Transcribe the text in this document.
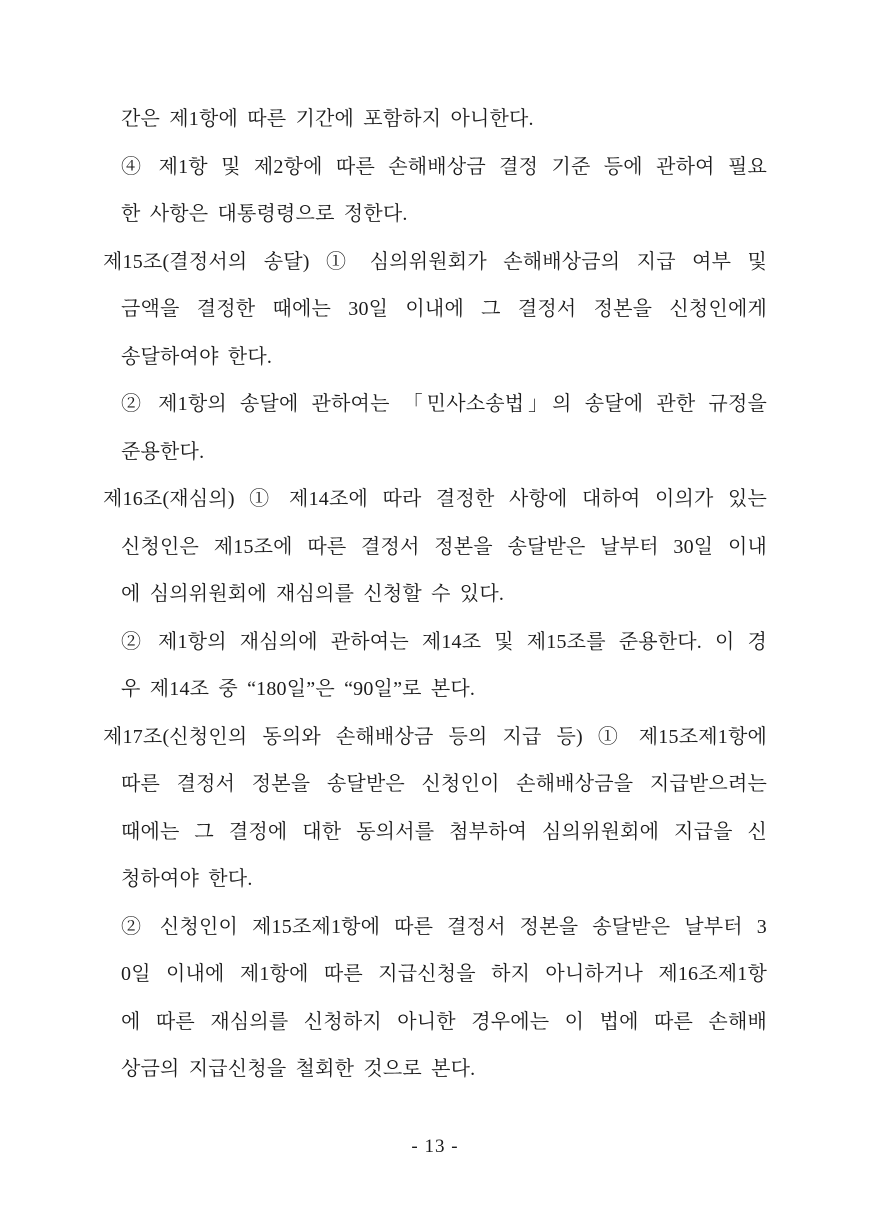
간은 제1항에 따른 기간에 포함하지 아니한다.
④ 제1항 및 제2항에 따른 손해배상금 결정 기준 등에 관하여 필요
한 사항은 대통령령으로 정한다.
제15조(결정서의 송달) ① 심의위원회가 손해배상금의 지급 여부 및
금액을 결정한 때에는 30일 이내에 그 결정서 정본을 신청인에게
송달하여야 한다.
② 제1항의 송달에 관하여는 「민사소송법」의 송달에 관한 규정을
준용한다.
제16조(재심의) ① 제14조에 따라 결정한 사항에 대하여 이의가 있는
신청인은 제15조에 따른 결정서 정본을 송달받은 날부터 30일 이내
에 심의위원회에 재심의를 신청할 수 있다.
② 제1항의 재심의에 관하여는 제14조 및 제15조를 준용한다. 이 경
우 제14조 중 “180일”은 “90일”로 본다.
제17조(신청인의 동의와 손해배상금 등의 지급 등) ① 제15조제1항에
따른 결정서 정본을 송달받은 신청인이 손해배상금을 지급받으려는
때에는 그 결정에 대한 동의서를 첨부하여 심의위원회에 지급을 신
청하여야 한다.
② 신청인이 제15조제1항에 따른 결정서 정본을 송달받은 날부터 3
0일 이내에 제1항에 따른 지급신청을 하지 아니하거나 제16조제1항
에 따른 재심의를 신청하지 아니한 경우에는 이 법에 따른 손해배
상금의 지급신청을 철회한 것으로 본다.
- 13 -
